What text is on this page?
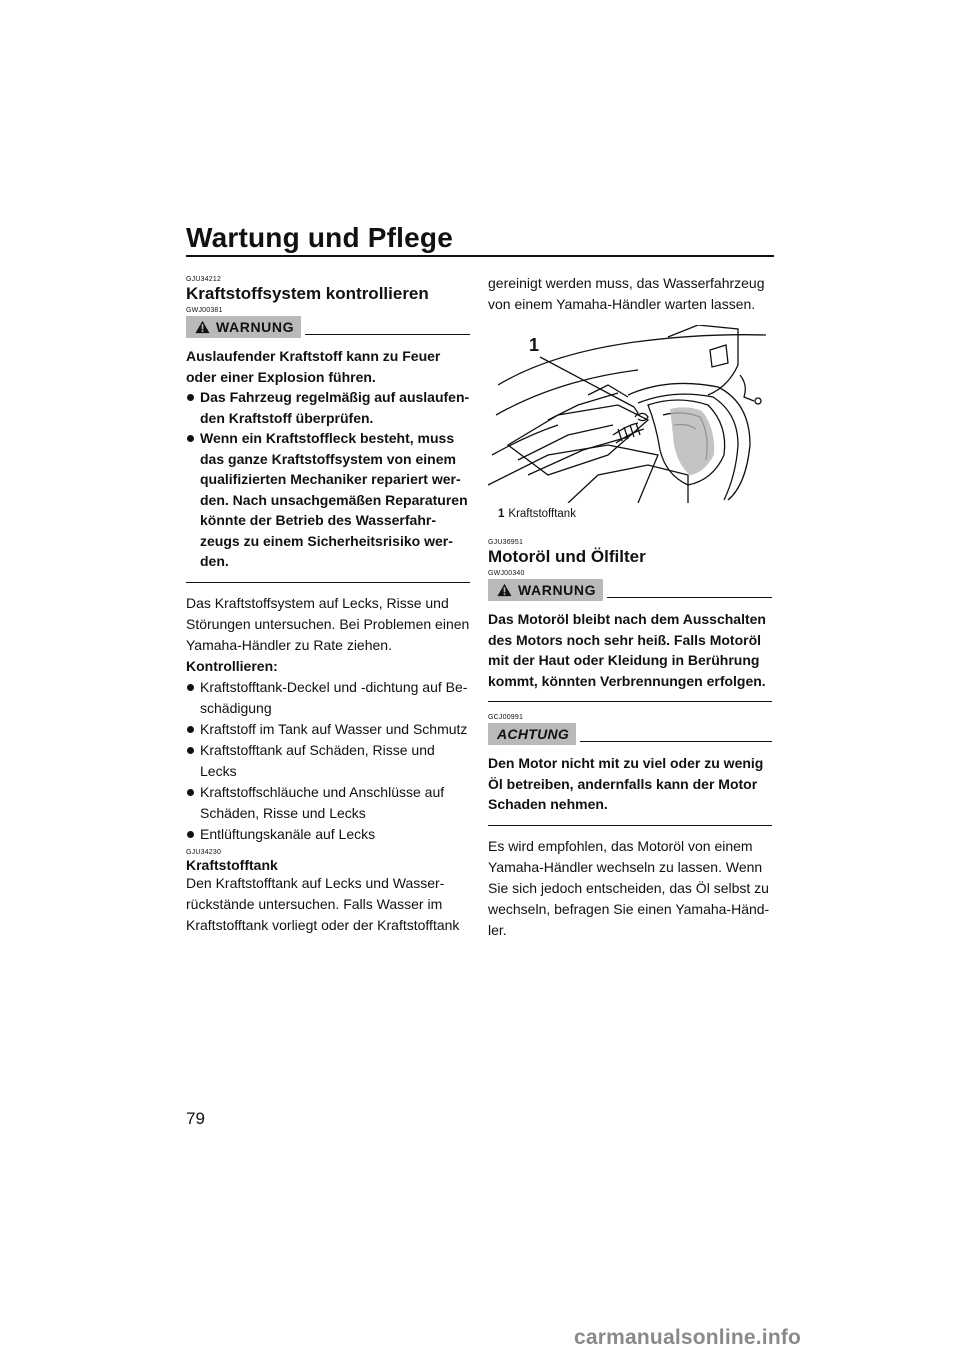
Wartung und Pflege
GJU34212
Kraftstoffsystem kontrollieren
GWJ00381
WARNUNG

Auslaufender Kraftstoff kann zu Feuer oder einer Explosion führen.

Das Fahrzeug regelmäßig auf auslaufen-den Kraftstoff überprüfen.
Wenn ein Kraftstoffleck besteht, muss das ganze Kraftstoffsystem von einem qualifizierten Mechaniker repariert wer-den. Nach unsachgemäßen Reparaturen könnte der Betrieb des Wasserfahr-zeugs zu einem Sicherheitsrisiko wer-den.

Das Kraftstoffsystem auf Lecks, Risse und Störungen untersuchen. Bei Problemen einen Yamaha-Händler zu Rate ziehen.

Kontrollieren:

Kraftstofftank-Deckel und -dichtung auf Be-schädigung
Kraftstoff im Tank auf Wasser und Schmutz
Kraftstofftank auf Schäden, Risse und Lecks
Kraftstoffschläuche und Anschlüsse auf Schäden, Risse und Lecks
Entlüftungskanäle auf Lecks
GJU34230
Kraftstofftank

Den Kraftstofftank auf Lecks und Wasser-rückstände untersuchen. Falls Wasser im Kraftstofftank vorliegt oder der Kraftstofftank

gereinigt werden muss, das Wasserfahrzeug von einem Yamaha-Händler warten lassen.

1
1 Kraftstofftank
GJU36951
Motoröl und Ölfilter
GWJ00340
WARNUNG

Das Motoröl bleibt nach dem Ausschalten des Motors noch sehr heiß. Falls Motoröl mit der Haut oder Kleidung in Berührung kommt, könnten Verbrennungen erfolgen.

GCJ00991
ACHTUNG

Den Motor nicht mit zu viel oder zu wenig Öl betreiben, andernfalls kann der Motor Schaden nehmen.

Es wird empfohlen, das Motoröl von einem Yamaha-Händler wechseln zu lassen. Wenn Sie sich jedoch entscheiden, das Öl selbst zu wechseln, befragen Sie einen Yamaha-Händ-ler.

79
carmanualsonline.info
